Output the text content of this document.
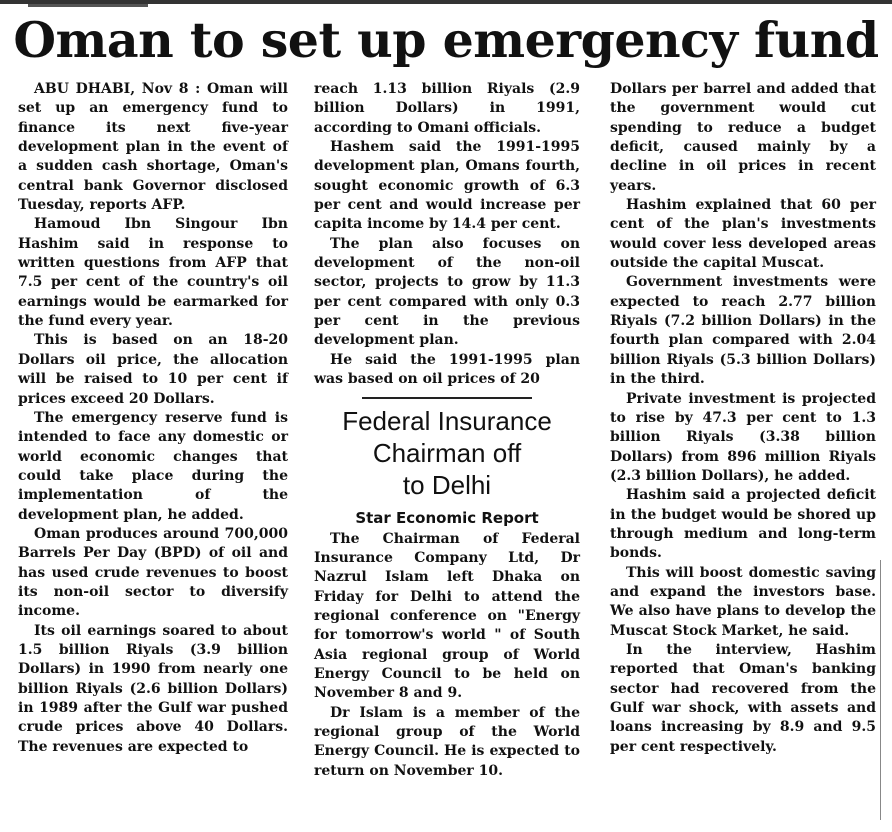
Oman to set up emergency fund

ABU DHABI, Nov 8 : Oman will set up an emergency fund to finance its next five-year development plan in the event of a sudden cash shortage, Oman's central bank Governor disclosed Tuesday, reports AFP.

Hamoud Ibn Singour Ibn Hashim said in response to written questions from AFP that 7.5 per cent of the country's oil earnings would be earmarked for the fund every year.

This is based on an 18-20 Dollars oil price, the allocation will be raised to 10 per cent if prices exceed 20 Dollars.

The emergency reserve fund is intended to face any domestic or world economic changes that could take place during the implementation of the development plan, he added.

Oman produces around 700,000 Barrels Per Day (BPD) of oil and has used crude revenues to boost its non-oil sector to diversify income.

Its oil earnings soared to about 1.5 billion Riyals (3.9 billion Dollars) in 1990 from nearly one billion Riyals (2.6 billion Dollars) in 1989 after the Gulf war pushed crude prices above 40 Dollars. The revenues are expected to

reach 1.13 billion Riyals (2.9 billion Dollars) in 1991, according to Omani officials.

Hashem said the 1991-1995 development plan, Omans fourth, sought economic growth of 6.3 per cent and would increase per capita income by 14.4 per cent.

The plan also focuses on development of the non-oil sector, projects to grow by 11.3 per cent compared with only 0.3 per cent in the previous development plan.

He said the 1991-1995 plan was based on oil prices of 20

Federal Insurance
Chairman off
to Delhi
Star Economic Report

The Chairman of Federal Insurance Company Ltd, Dr Nazrul Islam left Dhaka on Friday for Delhi to attend the regional conference on "Energy for tomorrow's world " of South Asia regional group of World Energy Council to be held on November 8 and 9.

Dr Islam is a member of the regional group of the World Energy Council. He is expected to return on November 10.

Dollars per barrel and added that the government would cut spending to reduce a budget deficit, caused mainly by a decline in oil prices in recent years.

Hashim explained that 60 per cent of the plan's investments would cover less developed areas outside the capital Muscat.

Government investments were expected to reach 2.77 billion Riyals (7.2 billion Dollars) in the fourth plan compared with 2.04 billion Riyals (5.3 billion Dollars) in the third.

Private investment is projected to rise by 47.3 per cent to 1.3 billion Riyals (3.38 billion Dollars) from 896 million Riyals (2.3 billion Dollars), he added.

Hashim said a projected deficit in the budget would be shored up through medium and long-term bonds.

This will boost domestic saving and expand the investors base. We also have plans to develop the Muscat Stock Market, he said.

In the interview, Hashim reported that Oman's banking sector had recovered from the Gulf war shock, with assets and loans increasing by 8.9 and 9.5 per cent respectively.
